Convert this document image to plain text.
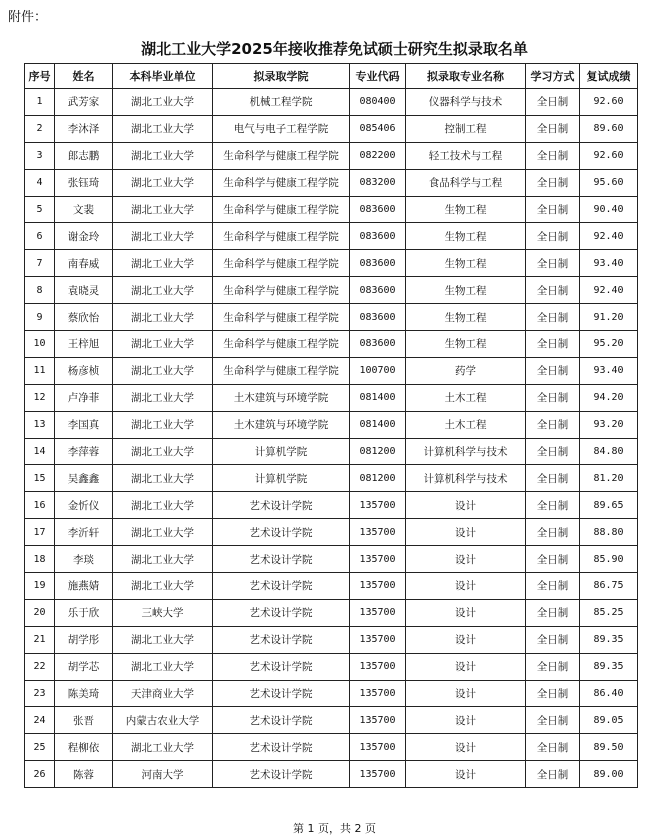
附件：
湖北工业大学2025年接收推荐免试硕士研究生拟录取名单
序号	姓名	本科毕业单位	拟录取学院	专业代码	拟录取专业名称	学习方式	复试成绩
1	武芳家	湖北工业大学	机械工程学院	080400	仪器科学与技术	全日制	92.60
2	李沐泽	湖北工业大学	电气与电子工程学院	085406	控制工程	全日制	89.60
3	郎志鹏	湖北工业大学	生命科学与健康工程学院	082200	轻工技术与工程	全日制	92.60
4	张钰琦	湖北工业大学	生命科学与健康工程学院	083200	食品科学与工程	全日制	95.60
5	文裴	湖北工业大学	生命科学与健康工程学院	083600	生物工程	全日制	90.40
6	谢金玲	湖北工业大学	生命科学与健康工程学院	083600	生物工程	全日制	92.40
7	南春威	湖北工业大学	生命科学与健康工程学院	083600	生物工程	全日制	93.40
8	袁晓灵	湖北工业大学	生命科学与健康工程学院	083600	生物工程	全日制	92.40
9	蔡欣怡	湖北工业大学	生命科学与健康工程学院	083600	生物工程	全日制	91.20
10	王梓旭	湖北工业大学	生命科学与健康工程学院	083600	生物工程	全日制	95.20
11	杨彦桢	湖北工业大学	生命科学与健康工程学院	100700	药学	全日制	93.40
12	卢净菲	湖北工业大学	土木建筑与环境学院	081400	土木工程	全日制	94.20
13	李国真	湖北工业大学	土木建筑与环境学院	081400	土木工程	全日制	93.20
14	李萍蓉	湖北工业大学	计算机学院	081200	计算机科学与技术	全日制	84.80
15	吴鑫鑫	湖北工业大学	计算机学院	081200	计算机科学与技术	全日制	81.20
16	金忻仪	湖北工业大学	艺术设计学院	135700	设计	全日制	89.65
17	李沂轩	湖北工业大学	艺术设计学院	135700	设计	全日制	88.80
18	李琰	湖北工业大学	艺术设计学院	135700	设计	全日制	85.90
19	施燕婧	湖北工业大学	艺术设计学院	135700	设计	全日制	86.75
20	乐于欣	三峡大学	艺术设计学院	135700	设计	全日制	85.25
21	胡学彤	湖北工业大学	艺术设计学院	135700	设计	全日制	89.35
22	胡学芯	湖北工业大学	艺术设计学院	135700	设计	全日制	89.35
23	陈美琦	天津商业大学	艺术设计学院	135700	设计	全日制	86.40
24	张晋	内蒙古农业大学	艺术设计学院	135700	设计	全日制	89.05
25	程柳依	湖北工业大学	艺术设计学院	135700	设计	全日制	89.50
26	陈蓉	河南大学	艺术设计学院	135700	设计	全日制	89.00
第 1 页，共 2 页
